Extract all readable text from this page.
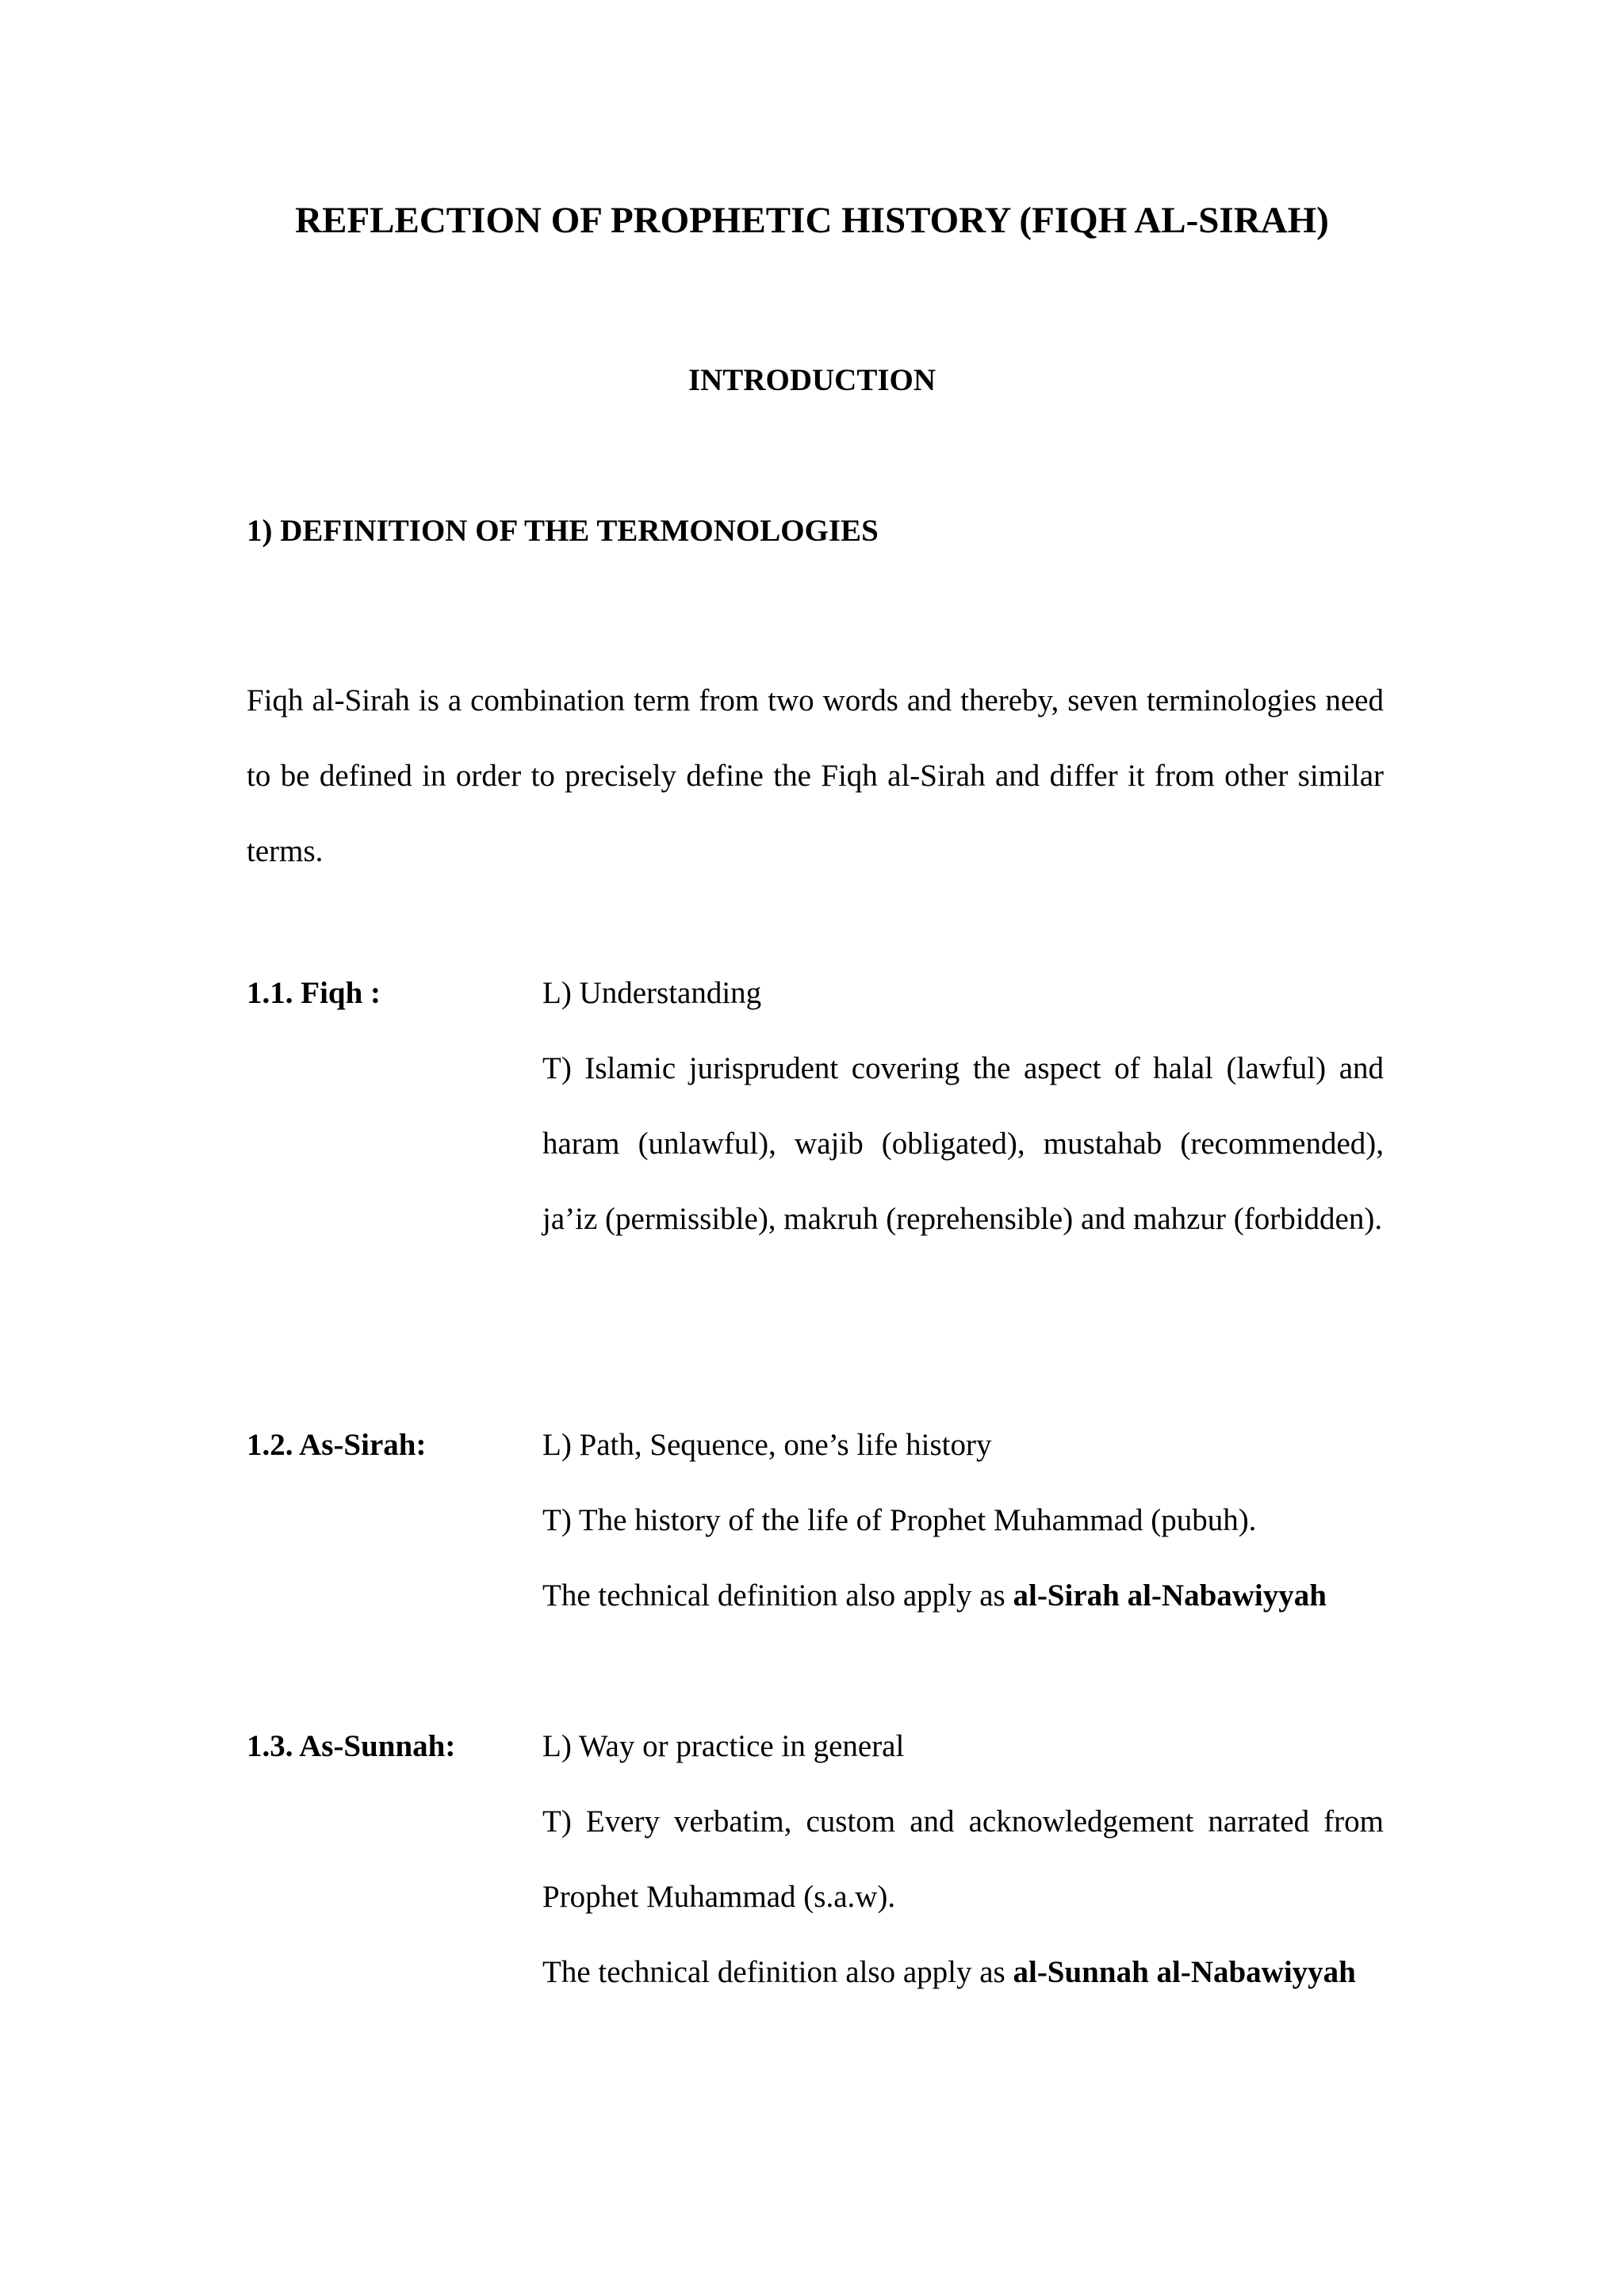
REFLECTION OF PROPHETIC HISTORY (FIQH AL-SIRAH)
INTRODUCTION
1) DEFINITION OF THE TERMONOLOGIES

Fiqh al-Sirah is a combination term from two words and thereby, seven terminologies need to be defined in order to precisely define the Fiqh al-Sirah and differ it from other similar terms.

1.1. Fiqh :	L) Understanding

T) Islamic jurisprudent covering the aspect of halal (lawful) and haram (unlawful), wajib (obligated), mustahab (recommended), ja’iz (permissible), makruh (reprehensible) and mahzur (forbidden).

1.2. As-Sirah:	L) Path, Sequence, one’s life history

T) The history of the life of Prophet Muhammad (pubuh).

The technical definition also apply as al-Sirah al-Nabawiyyah

1.3. As-Sunnah:	L) Way or practice in general

T) Every verbatim, custom and acknowledgement narrated from Prophet Muhammad (s.a.w).

The technical definition also apply as al-Sunnah al-Nabawiyyah
